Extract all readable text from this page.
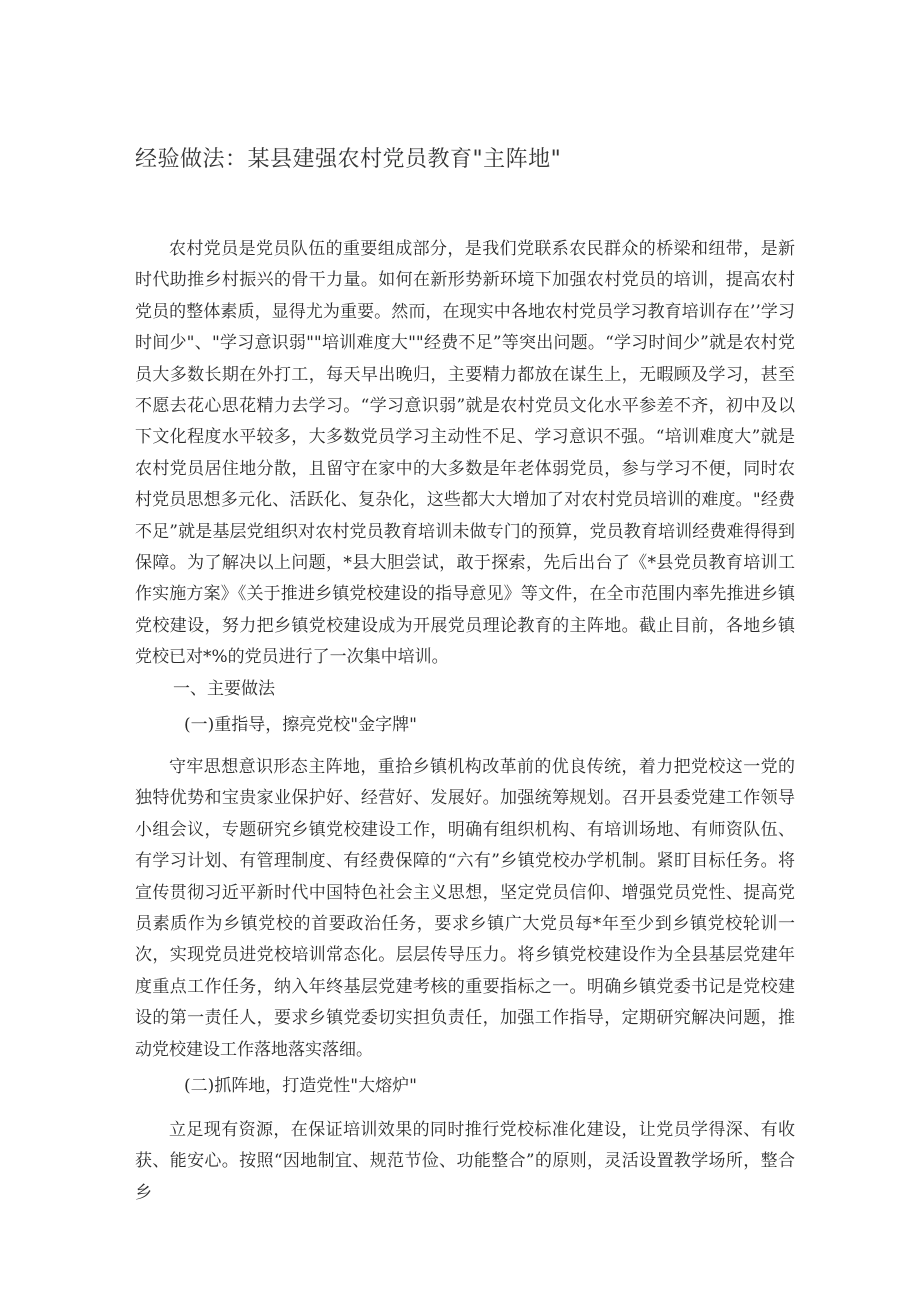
经验做法：某县建强农村党员教育"主阵地"

农村党员是党员队伍的重要组成部分，是我们党联系农民群众的桥梁和纽带，是新时代助推乡村振兴的骨干力量。如何在新形势新环境下加强农村党员的培训，提高农村党员的整体素质，显得尤为重要。然而，在现实中各地农村党员学习教育培训存在’’学习时间少"、"学习意识弱""培训难度大""经费不足”等突出问题。“学习时间少”就是农村党员大多数长期在外打工，每天早出晚归，主要精力都放在谋生上，无暇顾及学习，甚至不愿去花心思花精力去学习。“学习意识弱”就是农村党员文化水平参差不齐，初中及以下文化程度水平较多，大多数党员学习主动性不足、学习意识不强。“培训难度大”就是农村党员居住地分散，且留守在家中的大多数是年老体弱党员，参与学习不便，同时农村党员思想多元化、活跃化、复杂化，这些都大大增加了对农村党员培训的难度。"经费不足”就是基层党组织对农村党员教育培训未做专门的预算，党员教育培训经费难得得到保障。为了解决以上问题，*县大胆尝试，敢于探索，先后出台了《*县党员教育培训工作实施方案》《关于推进乡镇党校建设的指导意见》等文件，在全市范围内率先推进乡镇党校建设，努力把乡镇党校建设成为开展党员理论教育的主阵地。截止目前，各地乡镇党校已对*%的党员进行了一次集中培训。

一、主要做法

(一)重指导，擦亮党校"金字牌"

守牢思想意识形态主阵地，重拾乡镇机构改革前的优良传统，着力把党校这一党的独特优势和宝贵家业保护好、经营好、发展好。加强统筹规划。召开县委党建工作领导小组会议，专题研究乡镇党校建设工作，明确有组织机构、有培训场地、有师资队伍、有学习计划、有管理制度、有经费保障的“六有”乡镇党校办学机制。紧盯目标任务。将宣传贯彻习近平新时代中国特色社会主义思想，坚定党员信仰、增强党员党性、提高党员素质作为乡镇党校的首要政治任务，要求乡镇广大党员每*年至少到乡镇党校轮训一次，实现党员进党校培训常态化。层层传导压力。将乡镇党校建设作为全县基层党建年度重点工作任务，纳入年终基层党建考核的重要指标之一。明确乡镇党委书记是党校建设的第一责任人，要求乡镇党委切实担负责任，加强工作指导，定期研究解决问题，推动党校建设工作落地落实落细。

(二)抓阵地，打造党性"大熔炉"

立足现有资源，在保证培训效果的同时推行党校标准化建设，让党员学得深、有收获、能安心。按照“因地制宜、规范节俭、功能整合”的原则，灵活设置教学场所，整合乡
